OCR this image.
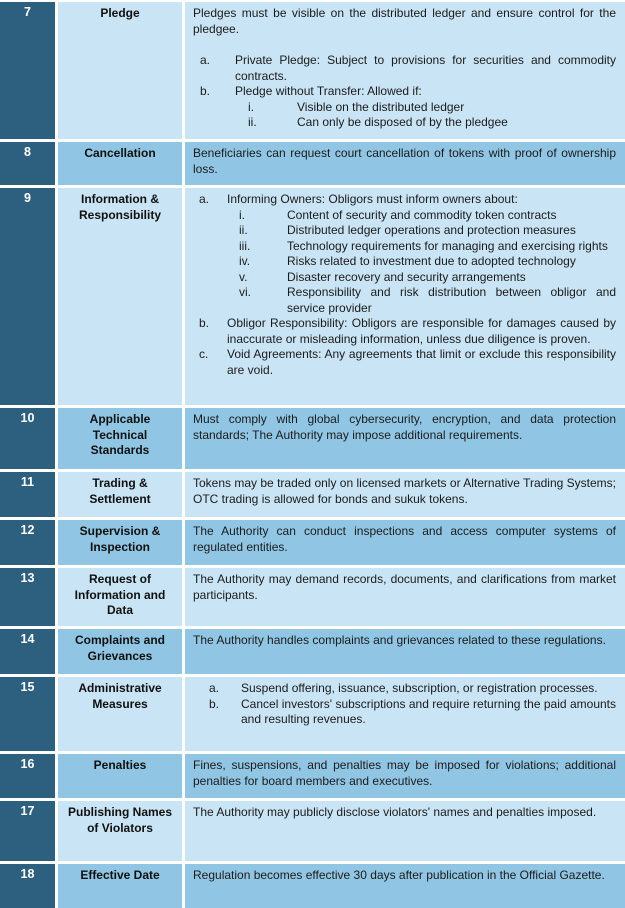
7	Pledge	Pledges must be visible on the distributed ledger and ensure control for the pledgee.

a.	Private Pledge: Subject to provisions for securities and commodity contracts.
b.	Pledge without Transfer: Allowed if:
i.	Visible on the distributed ledger
ii.	Can only be disposed of by the pledgee

8	Cancellation	Beneficiaries can request court cancellation of tokens with proof of ownership loss.

9	Information & Responsibility	
a.	Informing Owners: Obligors must inform owners about:
i.	Content of security and commodity token contracts
ii.	Distributed ledger operations and protection measures
iii.	Technology requirements for managing and exercising rights
iv.	Risks related to investment due to adopted technology
v.	Disaster recovery and security arrangements
vi.	Responsibility and risk distribution between obligor and service provider
b.	Obligor Responsibility: Obligors are responsible for damages caused by inaccurate or misleading information, unless due diligence is proven.
c.	Void Agreements: Any agreements that limit or exclude this responsibility are void.

10	Applicable Technical Standards	Must comply with global cybersecurity, encryption, and data protection standards; The Authority may impose additional requirements.

11	Trading & Settlement	Tokens may be traded only on licensed markets or Alternative Trading Systems; OTC trading is allowed for bonds and sukuk tokens.

12	Supervision & Inspection	The Authority can conduct inspections and access computer systems of regulated entities.

13	Request of Information and Data	The Authority may demand records, documents, and clarifications from market participants.

14	Complaints and Grievances	The Authority handles complaints and grievances related to these regulations.

15	Administrative Measures	a. Suspend offering, issuance, subscription, or registration processes.
b. Cancel investors' subscriptions and require returning the paid amounts and resulting revenues.

16	Penalties	Fines, suspensions, and penalties may be imposed for violations; additional penalties for board members and executives.

17	Publishing Names of Violators	The Authority may publicly disclose violators' names and penalties imposed.

18	Effective Date	Regulation becomes effective 30 days after publication in the Official Gazette.
